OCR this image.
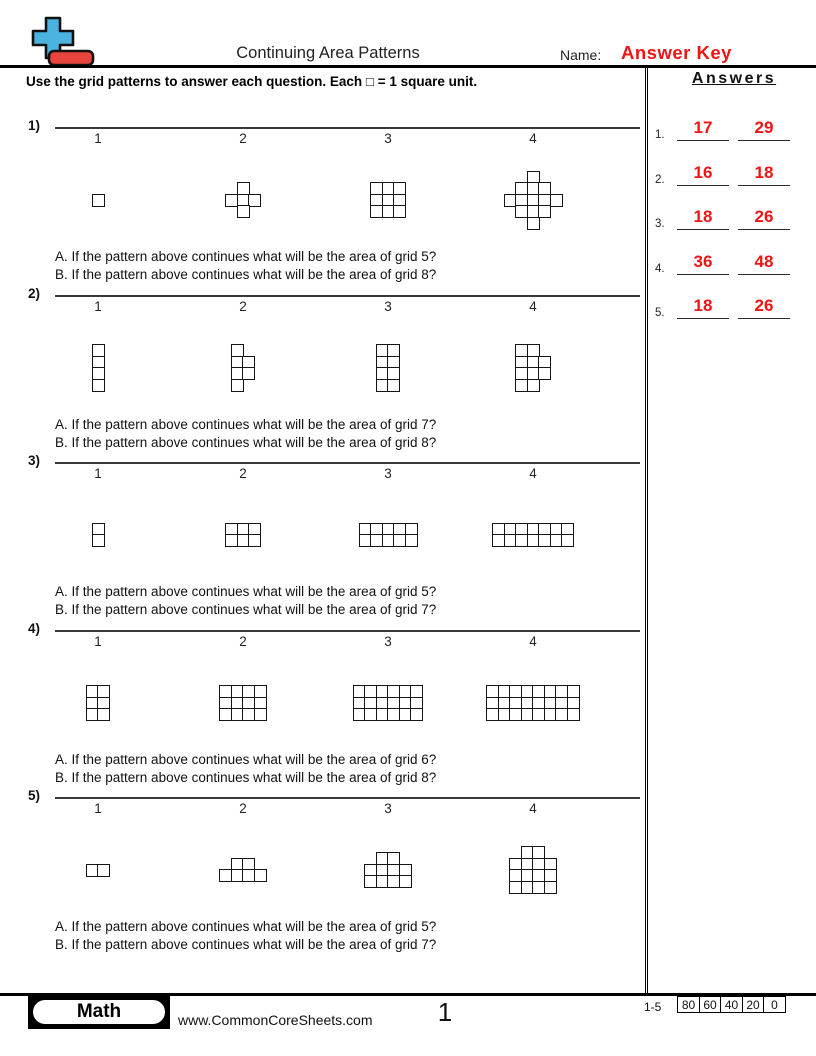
Continuing Area Patterns	Name: Answer Key
Use the grid patterns to answer each question. Each □ = 1 square unit.
1)
1	2	3	4
A. If the pattern above continues what will be the area of grid 5?
B. If the pattern above continues what will be the area of grid 8?
2)
1	2	3	4
A. If the pattern above continues what will be the area of grid 7?
B. If the pattern above continues what will be the area of grid 8?
3)
1	2	3	4
A. If the pattern above continues what will be the area of grid 5?
B. If the pattern above continues what will be the area of grid 7?
4)
1	2	3	4
A. If the pattern above continues what will be the area of grid 6?
B. If the pattern above continues what will be the area of grid 8?
5)
1	2	3	4
A. If the pattern above continues what will be the area of grid 5?
B. If the pattern above continues what will be the area of grid 7?
Answers
1.	17	29
2.	16	18
3.	18	26
4.	36	48
5.	18	26
Math	www.CommonCoreSheets.com	1	1-5	80 60 40 20 0
